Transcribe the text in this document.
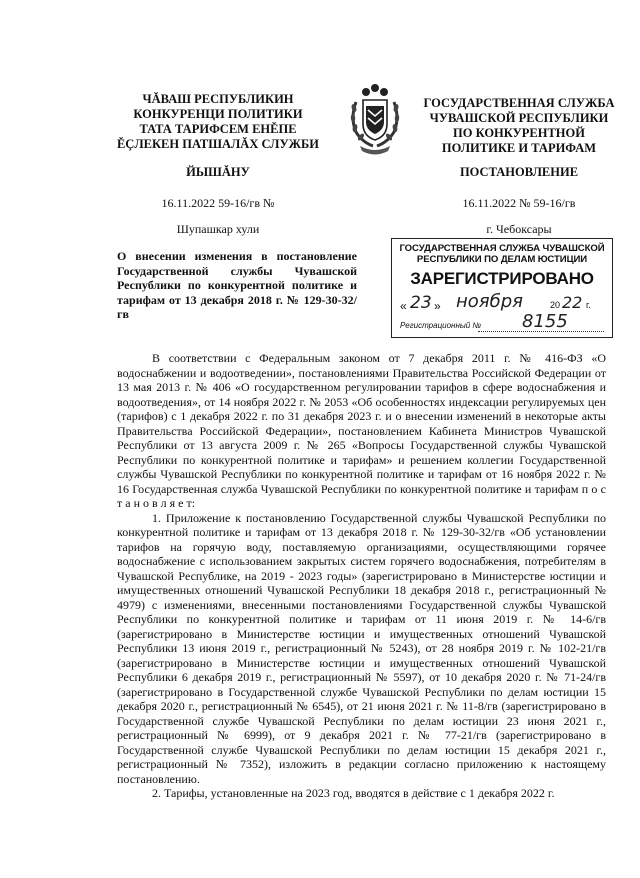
ЧĂВАШ РЕСПУБЛИКИН
КОНКУРЕНЦИ ПОЛИТИКИ
ТАТА ТАРИФСЕМ ЕНĚПЕ
ĚÇЛЕКЕН ПАТШАЛĂХ СЛУЖБИ
ГОСУДАРСТВЕННАЯ СЛУЖБА
ЧУВАШСКОЙ РЕСПУБЛИКИ
ПО КОНКУРЕНТНОЙ
ПОЛИТИКЕ И ТАРИФАМ
ЙЫШĂНУ	ПОСТАНОВЛЕНИЕ
16.11.2022 59-16/гв №	16.11.2022 № 59-16/гв
Шупашкар хули	г. Чебоксары
О внесении изменения в постановление Государственной службы Чувашской Республики по конкурентной политике и тарифам от 13 декабря 2018 г. № 129-30-32/гв
ГОСУДАРСТВЕННАЯ СЛУЖБА ЧУВАШСКОЙ
РЕСПУБЛИКИ ПО ДЕЛАМ ЮСТИЦИИ
ЗАРЕГИСТРИРОВАНО
« 23 » ноября	20 22 г.
Регистрационный № 8155

В соответствии с Федеральным законом от 7 декабря 2011 г. № 416-ФЗ «О водоснабжении и водоотведении», постановлениями Правительства Российской Федерации от 13 мая 2013 г. № 406 «О государственном регулировании тарифов в сфере водоснабжения и водоотведения», от 14 ноября 2022 г. № 2053 «Об особенностях индексации регулируемых цен (тарифов) с 1 декабря 2022 г. по 31 декабря 2023 г. и о внесении изменений в некоторые акты Правительства Российской Федерации», постановлением Кабинета Министров Чувашской Республики от 13 августа 2009 г. № 265 «Вопросы Государственной службы Чувашской Республики по конкурентной политике и тарифам» и решением коллегии Государственной службы Чувашской Республики по конкурентной политике и тарифам от 16 ноября 2022 г. № 16 Государственная служба Чувашской Республики по конкурентной политике и тарифам п о с т а н о в л я е т:

1. Приложение к постановлению Государственной службы Чувашской Республики по конкурентной политике и тарифам от 13 декабря 2018 г. № 129-30-32/гв «Об установлении тарифов на горячую воду, поставляемую организациями, осуществляющими горячее водоснабжение с использованием закрытых систем горячего водоснабжения, потребителям в Чувашской Республике, на 2019 - 2023 годы» (зарегистрировано в Министерстве юстиции и имущественных отношений Чувашской Республики 18 декабря 2018 г., регистрационный № 4979) с изменениями, внесенными постановлениями Государственной службы Чувашской Республики по конкурентной политике и тарифам от 11 июня 2019 г. № 14-6/гв (зарегистрировано в Министерстве юстиции и имущественных отношений Чувашской Республики 13 июня 2019 г., регистрационный № 5243), от 28 ноября 2019 г. № 102-21/гв (зарегистрировано в Министерстве юстиции и имущественных отношений Чувашской Республики 6 декабря 2019 г., регистрационный № 5597), от 10 декабря 2020 г. № 71-24/гв (зарегистрировано в Государственной службе Чувашской Республики по делам юстиции 15 декабря 2020 г., регистрационный № 6545), от 21 июня 2021 г. № 11-8/гв (зарегистрировано в Государственной службе Чувашской Республики по делам юстиции 23 июня 2021 г., регистрационный № 6999), от 9 декабря 2021 г. № 77-21/гв (зарегистрировано в Государственной службе Чувашской Республики по делам юстиции 15 декабря 2021 г., регистрационный № 7352), изложить в редакции согласно приложению к настоящему постановлению.

2. Тарифы, установленные на 2023 год, вводятся в действие с 1 декабря 2022 г.
